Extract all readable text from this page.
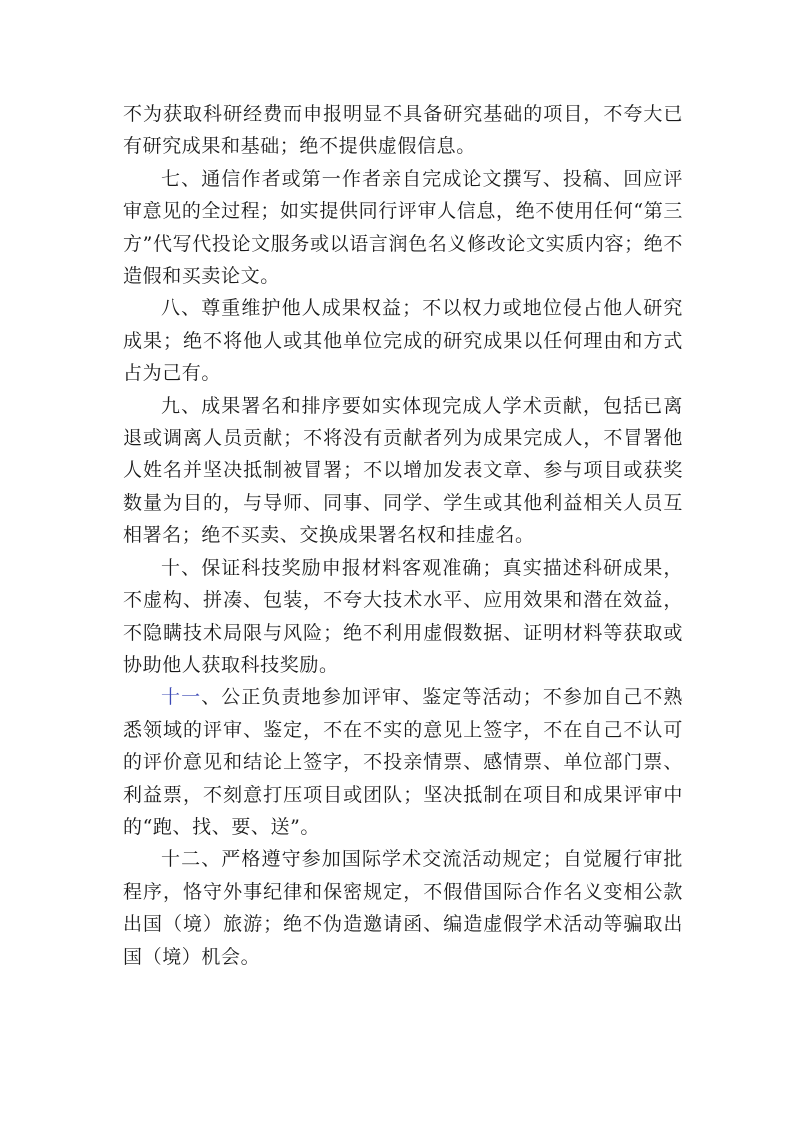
不为获取科研经费而申报明显不具备研究基础的项目，不夸大已有研究成果和基础；绝不提供虚假信息。

七、通信作者或第一作者亲自完成论文撰写、投稿、回应评审意见的全过程；如实提供同行评审人信息，绝不使用任何“第三方”代写代投论文服务或以语言润色名义修改论文实质内容；绝不造假和买卖论文。

八、尊重维护他人成果权益；不以权力或地位侵占他人研究成果；绝不将他人或其他单位完成的研究成果以任何理由和方式占为己有。

九、成果署名和排序要如实体现完成人学术贡献，包括已离退或调离人员贡献；不将没有贡献者列为成果完成人，不冒署他人姓名并坚决抵制被冒署；不以增加发表文章、参与项目或获奖数量为目的，与导师、同事、同学、学生或其他利益相关人员互相署名；绝不买卖、交换成果署名权和挂虚名。

十、保证科技奖励申报材料客观准确；真实描述科研成果，不虚构、拼凑、包装，不夸大技术水平、应用效果和潜在效益，不隐瞒技术局限与风险；绝不利用虚假数据、证明材料等获取或协助他人获取科技奖励。

十一、公正负责地参加评审、鉴定等活动；不参加自己不熟悉领域的评审、鉴定，不在不实的意见上签字，不在自己不认可的评价意见和结论上签字，不投亲情票、感情票、单位部门票、利益票，不刻意打压项目或团队；坚决抵制在项目和成果评审中的“跑、找、要、送”。

十二、严格遵守参加国际学术交流活动规定；自觉履行审批程序，恪守外事纪律和保密规定，不假借国际合作名义变相公款出国（境）旅游；绝不伪造邀请函、编造虚假学术活动等骗取出国（境）机会。
